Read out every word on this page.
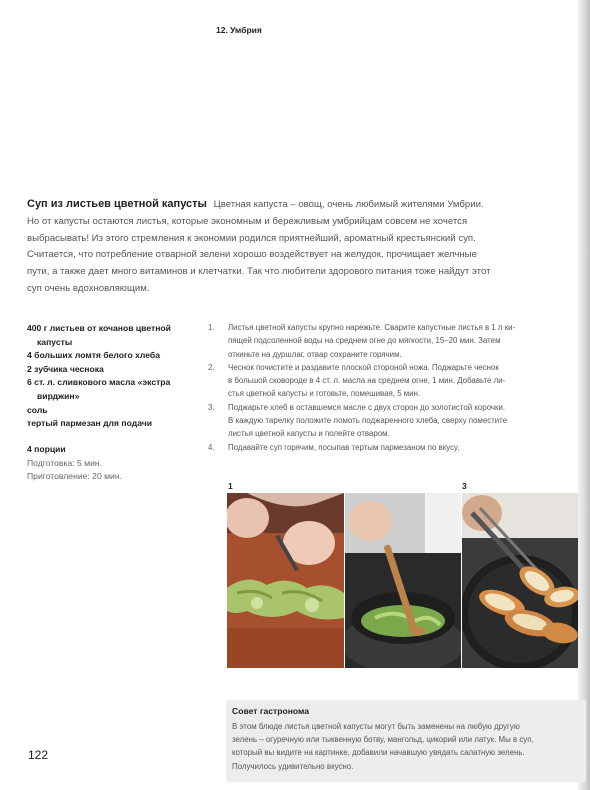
12. Умбрия
Суп из листьев цветной капусты Цветная капуста – овощ, очень любимый жителями Умбрии.
Но от капусты остаются листья, которые экономным и бережливым умбрийцам совсем не хочется
выбрасывать! Из этого стремления к экономии родился приятнейший, ароматный крестьянский суп.
Считается, что потребление отварной зелени хорошо воздействует на желудок, прочищает желчные
пути, а также дает много витаминов и клетчатки. Так что любители здорового питания тоже найдут этот
суп очень вдохновляющим.
400 г листьев от кочанов цветной
капусты
4 больших ломтя белого хлеба
2 зубчика чеснока
6 ст. л. сливкового масла «экстра
вирджин»
соль
тертый пармезан для подачи
4 порции
Подготовка: 5 мин.
Приготовление: 20 мин.
1.	Листья цветной капусты крупно нарежьте. Сварите капустные листья в 1 л ки-
пящей подсоленной воды на среднем огне до мягкости, 15–20 мин. Затем
откиньте на дуршлаг, отвар сохраните горячим.
2.	Чеснок почистите и раздавите плоской стороной ножа. Поджарьте чеснок
в большой сковороде в 4 ст. л. масла на среднем огне, 1 мин. Добавьте ли-
стья цветной капусты и готовьте, помешивая, 5 мин.
3.	Поджарьте хлеб в оставшемся масле с двух сторон до золотистой корочки.
В каждую тарелку положите ломоть поджаренного хлеба, сверху поместите
листья цветной капусты и полейте отваром.
4.	Подавайте суп горячим, посыпав тертым пармезаном по вкусу.
1	3
Совет гастронома
В этом блюде листья цветной капусты могут быть заменены на любую другую
зелень – огуречную или тыквенную ботву, мангольд, цикорий или латук. Мы в суп,
который вы видите на картинке, добавили начавшую увядать салатную зелень.
Получилось удивительно вкусно.
122
